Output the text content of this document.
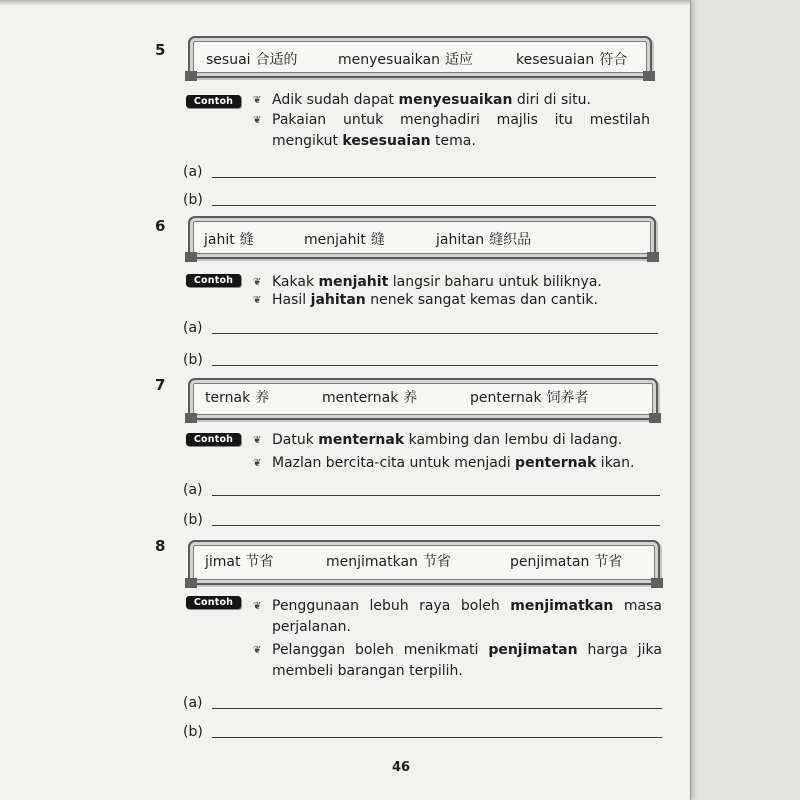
5
sesuai 合适的	menyesuaikan 适应	kesesuaian 符合
Contoh ❦	Adik sudah dapat menyesuaikan diri di situ.

❦

Pakaian untuk menghadiri majlis itu mestilah mengikut kesesuaian tema.

(a)
(b)
6
jahit 缝	menjahit 缝	jahitan 缝织品
Contoh ❦	Kakak menjahit langsir baharu untuk biliknya.

❦

Hasil jahitan nenek sangat kemas dan cantik.

(a)
(b)
7
ternak 养	menternak 养	penternak 饲养者
Contoh ❦	Datuk menternak kambing dan lembu di ladang.

❦

Mazlan bercita-cita untuk menjadi penternak ikan.

(a)
(b)
8
jimat 节省	menjimatkan 节省	penjimatan 节省
Contoh ❦	Penggunaan lebuh raya boleh menjimatkan masa perjalanan.

❦

Pelanggan boleh menikmati penjimatan harga jika membeli barangan terpilih.

(a)
(b)
46
